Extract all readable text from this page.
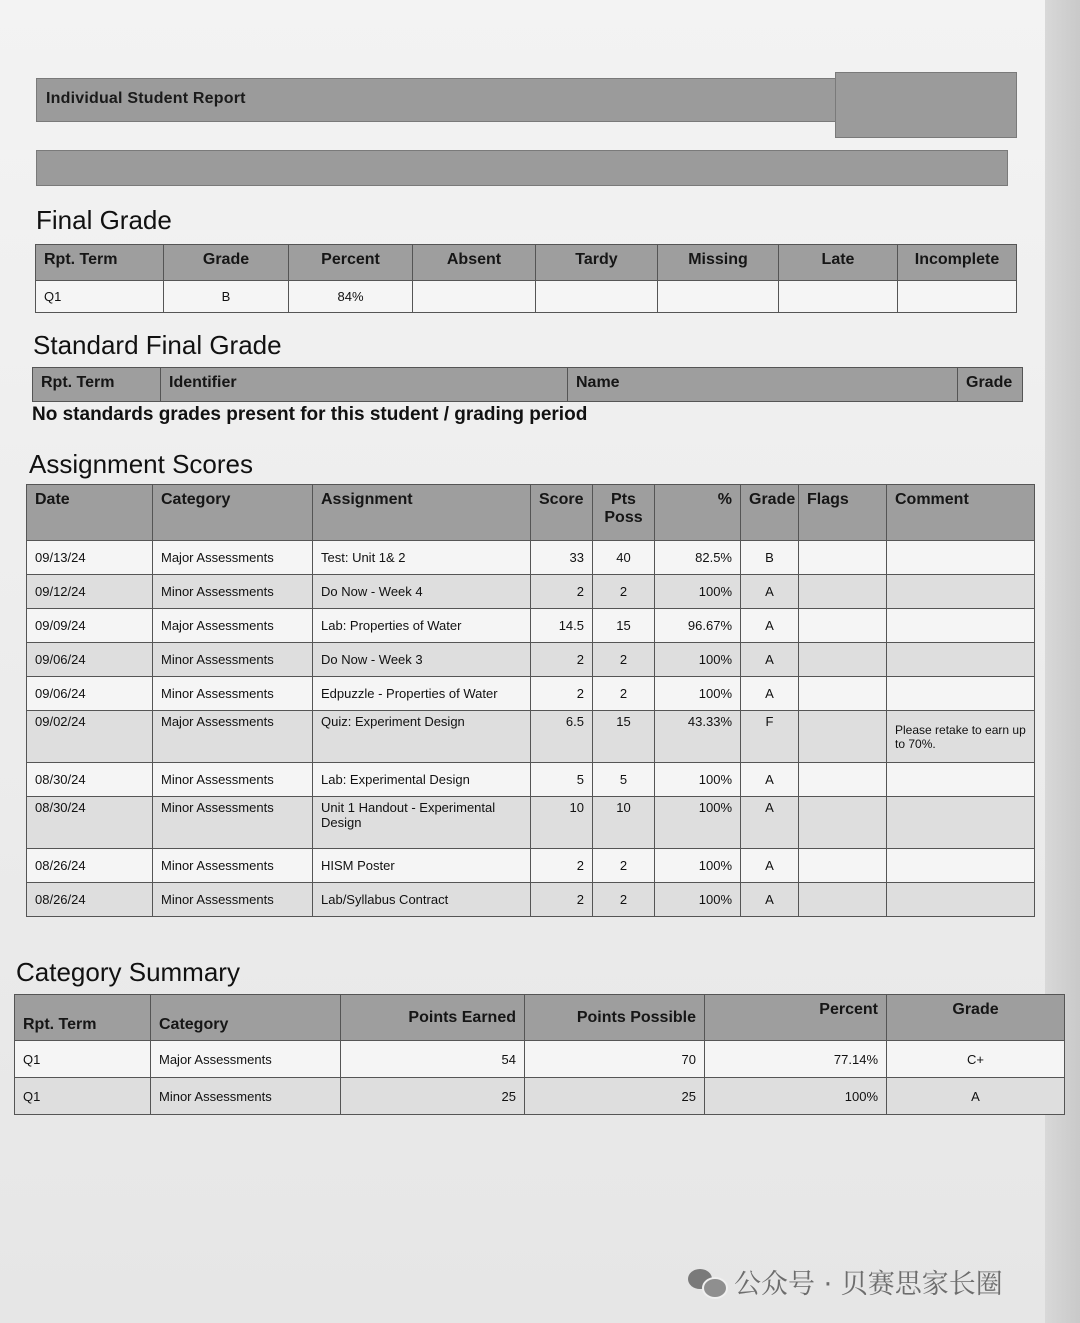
Individual Student Report
Final Grade
Rpt. Term	Grade	Percent	Absent	Tardy	Missing	Late	Incomplete
Q1	B	84%					
Standard Final Grade
Rpt. Term	Identifier	Name	Grade
No standards grades present for this student / grading period
Assignment Scores
Date	Category	Assignment	Score	Pts Poss	%	Grade	Flags	Comment
09/13/24	Major Assessments	Test: Unit 1& 2	33	40	82.5%	B		
09/12/24	Minor Assessments	Do Now - Week 4	2	2	100%	A		
09/09/24	Major Assessments	Lab: Properties of Water	14.5	15	96.67%	A		
09/06/24	Minor Assessments	Do Now - Week 3	2	2	100%	A		
09/06/24	Minor Assessments	Edpuzzle - Properties of Water	2	2	100%	A		
09/02/24	Major Assessments	Quiz: Experiment Design	6.5	15	43.33%	F		Please retake to earn up to 70%.
08/30/24	Minor Assessments	Lab: Experimental Design	5	5	100%	A		
08/30/24	Minor Assessments	Unit 1 Handout - Experimental Design	10	10	100%	A		
08/26/24	Minor Assessments	HISM Poster	2	2	100%	A		
08/26/24	Minor Assessments	Lab/Syllabus Contract	2	2	100%	A		
Category Summary
Rpt. Term	Category	Points Earned	Points Possible	Percent	Grade
Q1	Major Assessments	54	70	77.14%	C+
Q1	Minor Assessments	25	25	100%	A
公众号 · 贝赛思家长圈
